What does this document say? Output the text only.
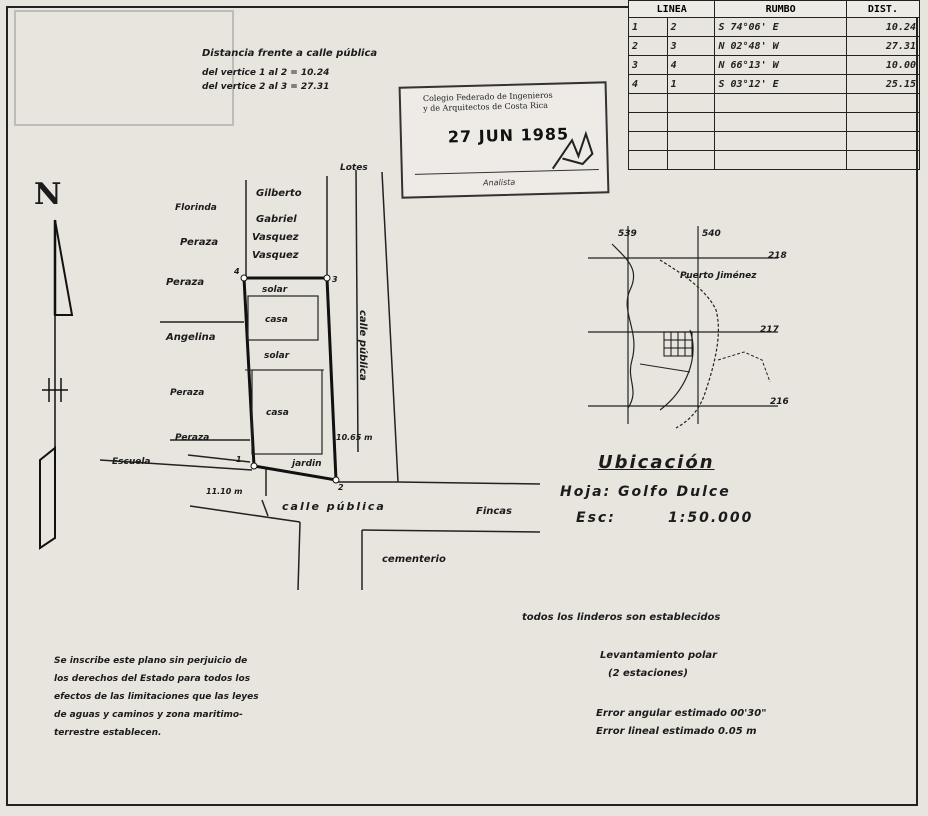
LINEA		RUMBO	DIST.
1	2	S 74°06' E	10.24
2	3	N 02°48' W	27.31
3	4	N 66°13' W	10.00
4	1	S 03°12' E	25.15

Distancia frente a calle pública
del vertice 1 al 2 = 10.24
del vertice 2 al 3 = 27.31
Colegio Federado de Ingenieros
y de Arquitectos de Costa Rica
27 JUN 1985
Analista
N	Florinda
Peraza
Peraza
Angelina
Peraza
Peraza
Gilberto
Gabriel
Vasquez
Vasquez
Lotes
solar
casa
solar
casa
jardin
1
2
3
4
calle pública
10.65 m
calle pública
11.10 m
Escuela
Fincas
cementerio
539	540
218
217
216
Puerto Jiménez
Ubicación
Hoja: Golfo Dulce
Esc:	1:50.000
todos los linderos son establecidos
Levantamiento polar
(2 estaciones)
Error angular estimado 00'30"
Error lineal estimado 0.05 m
Se inscribe este plano sin perjuicio de
los derechos del Estado para todos los
efectos de las limitaciones que las leyes
de aguas y caminos y zona maritimo-
terrestre establecen.
